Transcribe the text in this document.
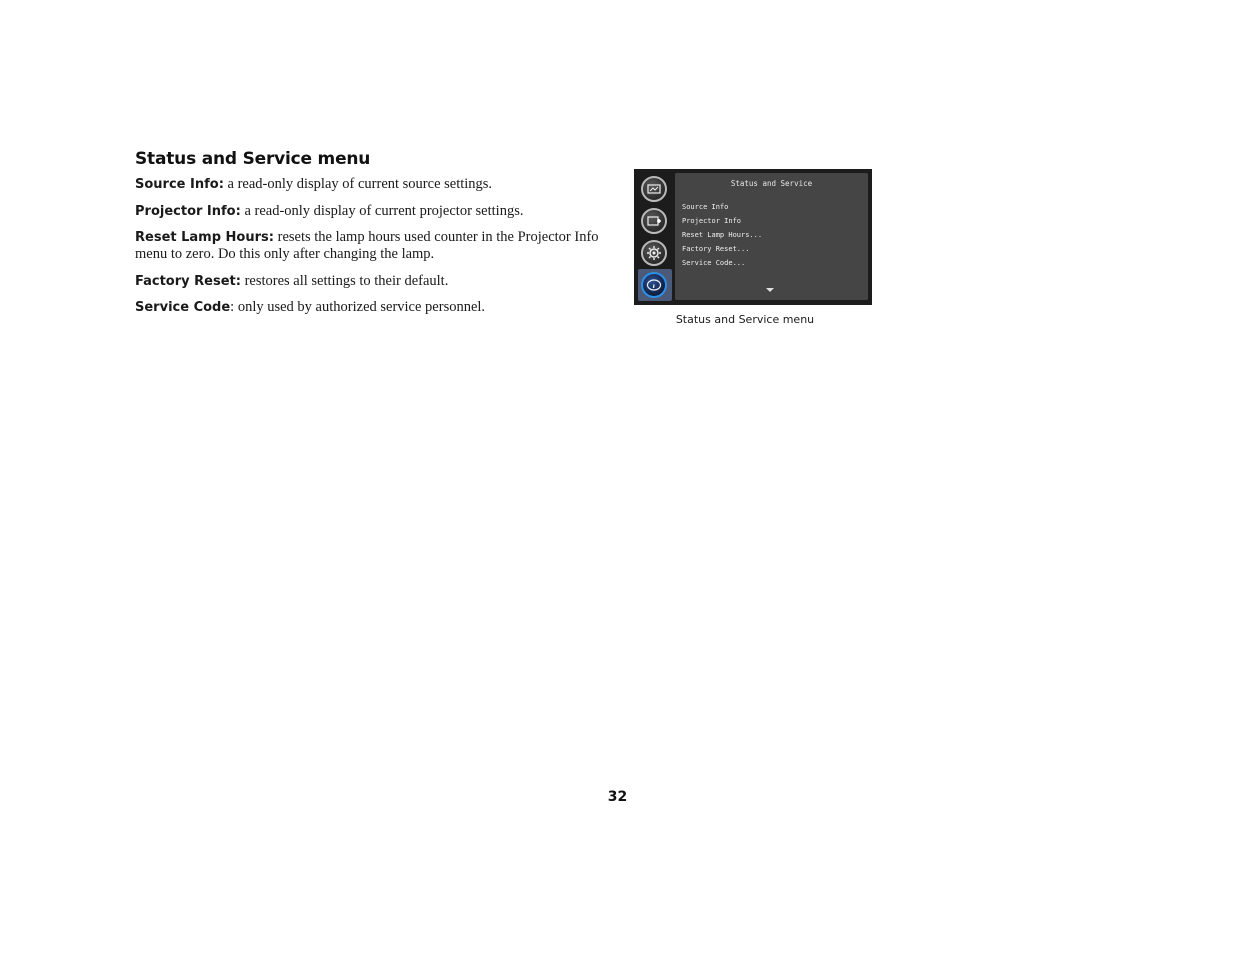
Status and Service menu
Source Info: a read-only display of current source settings.
Projector Info: a read-only display of current projector settings.
Reset Lamp Hours: resets the lamp hours used counter in the Projector Info menu to zero. Do this only after changing the lamp.
Factory Reset: restores all settings to their default.
Service Code: only used by authorized service personnel.
Status and Service
Source Info
Projector Info
Reset Lamp Hours...
Factory Reset...
Service Code...
Status and Service menu
32
